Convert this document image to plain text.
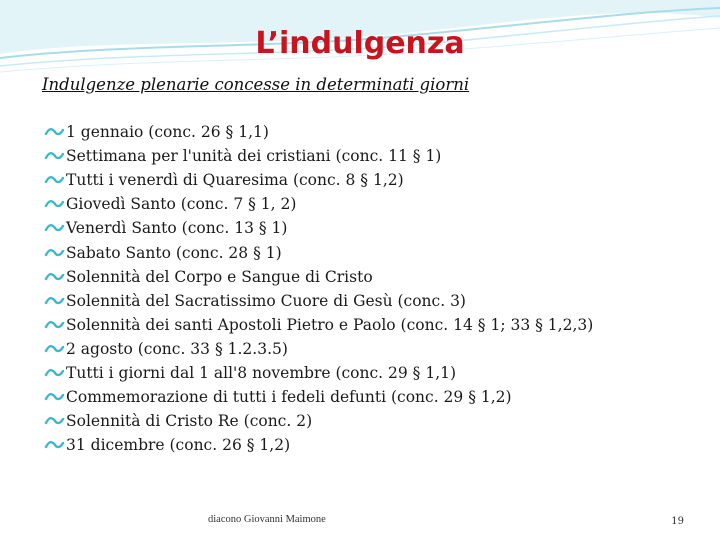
L’indulgenza

Indulgenze plenarie concesse in determinati giorni

1 gennaio (conc. 26 § 1,1)
Settimana per l'unità dei cristiani (conc. 11 § 1)
Tutti i venerdì di Quaresima (conc. 8 § 1,2)
Giovedì Santo (conc. 7 § 1, 2)
Venerdì Santo (conc. 13 § 1)
Sabato Santo (conc. 28 § 1)
Solennità del Corpo e Sangue di Cristo
Solennità del Sacratissimo Cuore di Gesù (conc. 3)
Solennità dei santi Apostoli Pietro e Paolo (conc. 14 § 1; 33 § 1,2,3)
2 agosto (conc. 33 § 1.2.3.5)
Tutti i giorni dal 1 all'8 novembre (conc. 29 § 1,1)
Commemorazione di tutti i fedeli defunti (conc. 29 § 1,2)
Solennità di Cristo Re (conc. 2)
31 dicembre (conc. 26 § 1,2)
diacono Giovanni Maimone	19
